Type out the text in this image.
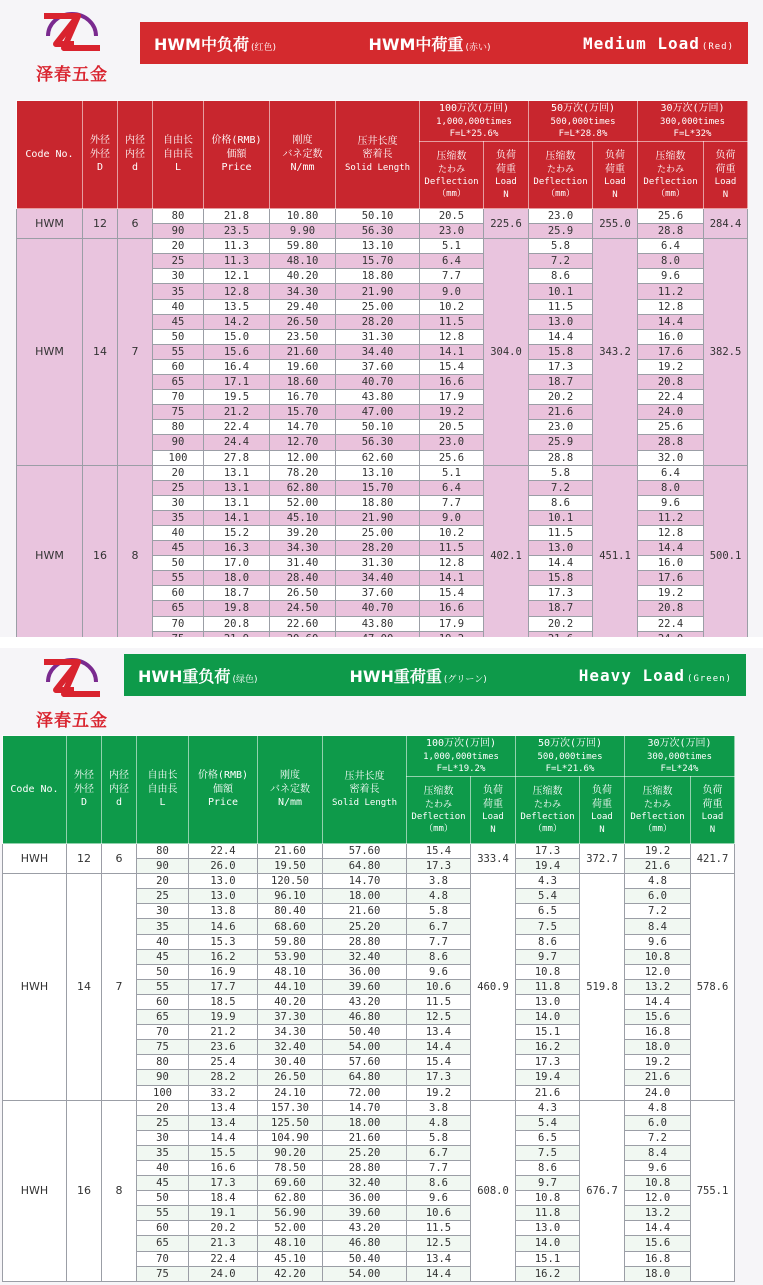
泽春五金
HWM中负荷 (红色)	HWM中荷重 (赤い)	Medium Load (Red)
Code No.	外径
外径
D	内径
内径
d	自由长
自由長
L	价格(RMB)
価額
Price	刚度
バネ定数
N/mm	压井长度
密着長
Solid Length	100万次(万回)
1,000,000times
F=L*25.6%		50万次(万回)
500,000times
F=L*28.8%		30万次(万回)
300,000times
F=L*32%	

							压缩数
たわみ
Deflection
（mm）	负荷
荷重
Load
N	压缩数
たわみ
Deflection
（mm）	负荷
荷重
Load
N	压缩数
たわみ
Deflection
（mm）	负荷
荷重
Load
N

HWM	12	6	80	21.8	10.80	50.10	20.5	225.6	23.0	255.0	25.6	284.4
			90	23.5	9.90	56.30	23.0		25.9		28.8	
HWM	14	7	20	11.3	59.80	13.10	5.1	304.0	5.8	343.2	6.4	382.5
			25	11.3	48.10	15.70	6.4		7.2		8.0	
			30	12.1	40.20	18.80	7.7		8.6		9.6	
			35	12.8	34.30	21.90	9.0		10.1		11.2	
			40	13.5	29.40	25.00	10.2		11.5		12.8	
			45	14.2	26.50	28.20	11.5		13.0		14.4	
			50	15.0	23.50	31.30	12.8		14.4		16.0	
			55	15.6	21.60	34.40	14.1		15.8		17.6	
			60	16.4	19.60	37.60	15.4		17.3		19.2	
			65	17.1	18.60	40.70	16.6		18.7		20.8	
			70	19.5	16.70	43.80	17.9		20.2		22.4	
			75	21.2	15.70	47.00	19.2		21.6		24.0	
			80	22.4	14.70	50.10	20.5		23.0		25.6	
			90	24.4	12.70	56.30	23.0		25.9		28.8	
			100	27.8	12.00	62.60	25.6		28.8		32.0	
HWM	16	8	20	13.1	78.20	13.10	5.1	402.1	5.8	451.1	6.4	500.1
			25	13.1	62.80	15.70	6.4		7.2		8.0	
			30	13.1	52.00	18.80	7.7		8.6		9.6	
			35	14.1	45.10	21.90	9.0		10.1		11.2	
			40	15.2	39.20	25.00	10.2		11.5		12.8	
			45	16.3	34.30	28.20	11.5		13.0		14.4	
			50	17.0	31.40	31.30	12.8		14.4		16.0	
			55	18.0	28.40	34.40	14.1		15.8		17.6	
			60	18.7	26.50	37.60	15.4		17.3		19.2	
			65	19.8	24.50	40.70	16.6		18.7		20.8	
			70	20.8	22.60	43.80	17.9		20.2		22.4	

泽春五金
HWH重负荷 (绿色)	HWH重荷重 (グリーン)	Heavy Load (Green)
Code No.	外径
外径
D	内径
内径
d	自由长
自由長
L	价格(RMB)
価額
Price	刚度
バネ定数
N/mm	压井长度
密着長
Solid Length	100万次(万回)
1,000,000times
F=L*19.2%		50万次(万回)
500,000times
F=L*21.6%		30万次(万回)
300,000times
F=L*24%	

							压缩数
たわみ
Deflection
（mm）	负荷
荷重
Load
N	压缩数
たわみ
Deflection
（mm）	负荷
荷重
Load
N	压缩数
たわみ
Deflection
（mm）	负荷
荷重
Load
N

HWH	12	6	80	22.4	21.60	57.60	15.4	333.4	17.3	372.7	19.2	421.7
			90	26.0	19.50	64.80	17.3		19.4		21.6	
HWH	14	7	20	13.0	120.50	14.70	3.8	460.9	4.3	519.8	4.8	578.6
			25	13.0	96.10	18.00	4.8		5.4		6.0	
			30	13.8	80.40	21.60	5.8		6.5		7.2	
			35	14.6	68.60	25.20	6.7		7.5		8.4	
			40	15.3	59.80	28.80	7.7		8.6		9.6	
			45	16.2	53.90	32.40	8.6		9.7		10.8	
			50	16.9	48.10	36.00	9.6		10.8		12.0	
			55	17.7	44.10	39.60	10.6		11.8		13.2	
			60	18.5	40.20	43.20	11.5		13.0		14.4	
			65	19.9	37.30	46.80	12.5		14.0		15.6	
			70	21.2	34.30	50.40	13.4		15.1		16.8	
			75	23.6	32.40	54.00	14.4		16.2		18.0	
			80	25.4	30.40	57.60	15.4		17.3		19.2	
			90	28.2	26.50	64.80	17.3		19.4		21.6	
			100	33.2	24.10	72.00	19.2		21.6		24.0	
HWH	16	8	20	13.4	157.30	14.70	3.8	608.0	4.3	676.7	4.8	755.1
			25	13.4	125.50	18.00	4.8		5.4		6.0	
			30	14.4	104.90	21.60	5.8		6.5		7.2	
			35	15.5	90.20	25.20	6.7		7.5		8.4	
			40	16.6	78.50	28.80	7.7		8.6		9.6	
			45	17.3	69.60	32.40	8.6		9.7		10.8	
			50	18.4	62.80	36.00	9.6		10.8		12.0	
			55	19.1	56.90	39.60	10.6		11.8		13.2	
			60	20.2	52.00	43.20	11.5		13.0		14.4	
			65	21.3	48.10	46.80	12.5		14.0		15.6	
			70	22.4	45.10	50.40	13.4		15.1		16.8	
			75	24.0	42.20	54.00	14.4		16.2		18.0	
